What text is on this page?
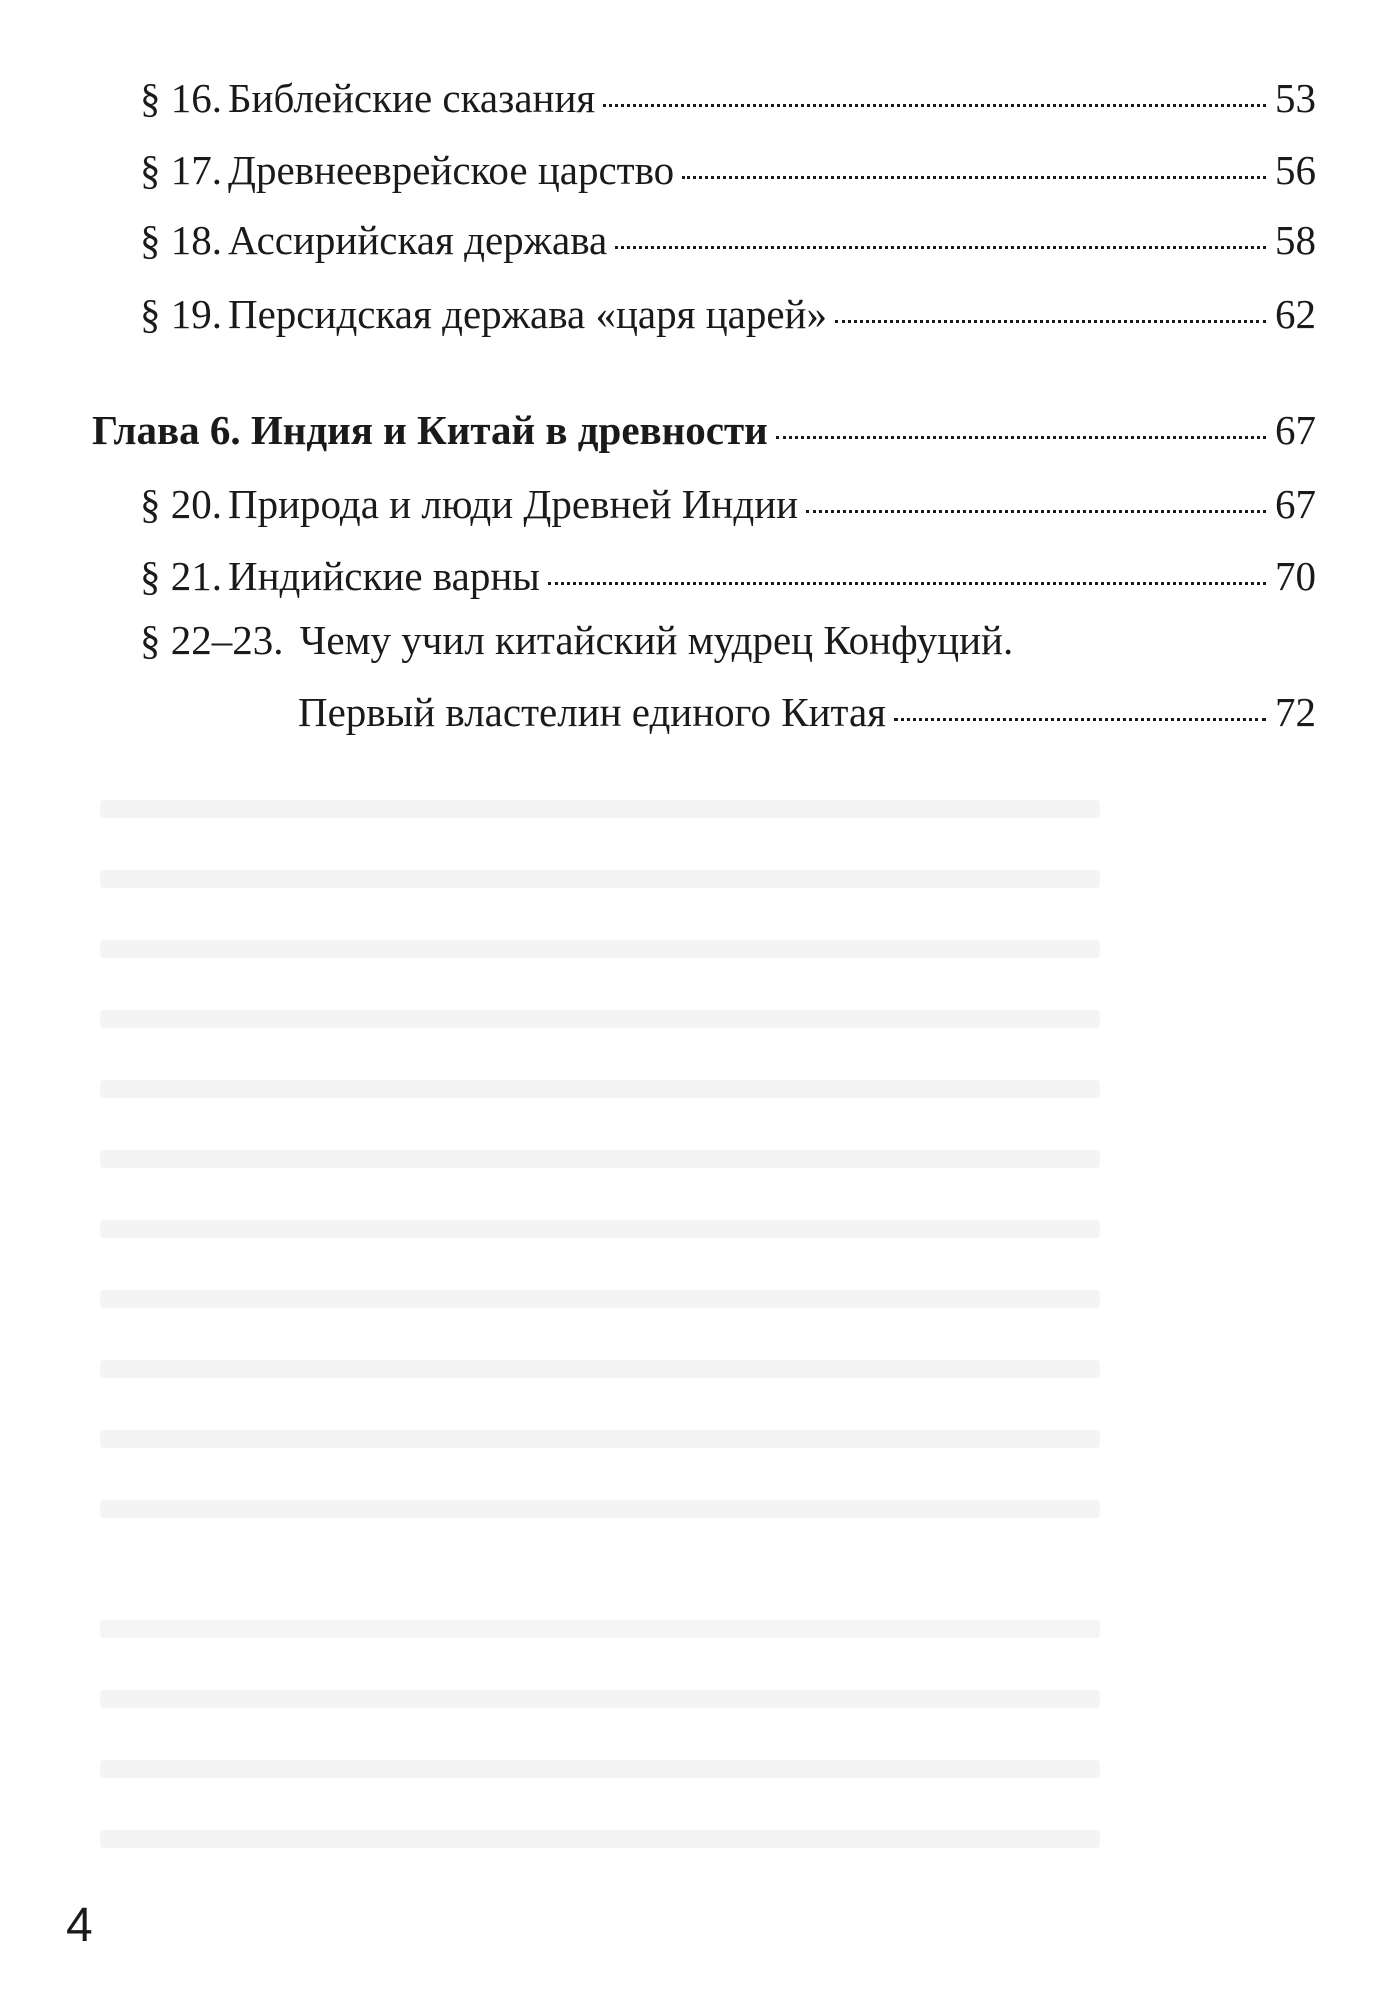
§ 16. Библейские сказания	53
§ 17. Древнееврейское царство	56
§ 18. Ассирийская держава	58
§ 19. Персидская держава «царя царей»	62
Глава 6. Индия и Китай в древности	67
§ 20. Природа и люди Древней Индии	67
§ 21. Индийские варны	70
§ 22–23. Чему учил китайский мудрец Конфуций.
Первый властелин единого Китая	72
4
